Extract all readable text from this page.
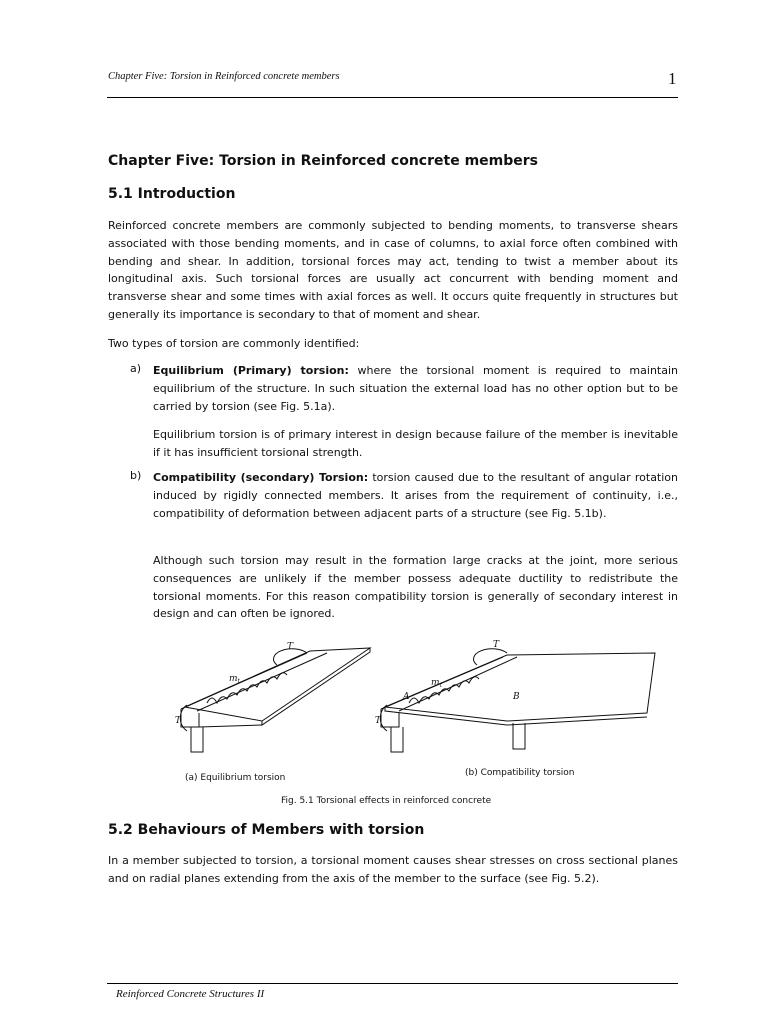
Chapter Five: Torsion in Reinforced concrete members	1
Chapter Five: Torsion in Reinforced concrete members
5.1 Introduction
Reinforced concrete members are commonly subjected to bending moments, to transverse shears associated with those bending moments, and in case of columns, to axial force often combined with bending and shear. In addition, torsional forces may act, tending to twist a member about its longitudinal axis. Such torsional forces are usually act concurrent with bending moment and transverse shear and some times with axial forces as well. It occurs quite frequently in structures but generally its importance is secondary to that of moment and shear.
Two types of torsion are commonly identified:
a) Equilibrium (Primary) torsion: where the torsional moment is required to maintain equilibrium of the structure. In such situation the external load has no other option but to be carried by torsion (see Fig. 5.1a).
Equilibrium torsion is of primary interest in design because failure of the member is inevitable if it has insufficient torsional strength.
b) Compatibility (secondary) Torsion: torsion caused due to the resultant of angular rotation induced by rigidly connected members. It arises from the requirement of continuity, i.e., compatibility of deformation between adjacent parts of a structure (see Fig. 5.1b).
Although such torsion may result in the formation large cracks at the joint, more serious consequences are unlikely if the member possess adequate ductility to redistribute the torsional moments. For this reason compatibility torsion is generally of secondary interest in design and can often be ignored.
T
$m_t$
T
T
$m_t$
A	B
T
(a) Equilibrium torsion	(b) Compatibility torsion
Fig. 5.1 Torsional effects in reinforced concrete
5.2 Behaviours of Members with torsion
In a member subjected to torsion, a torsional moment causes shear stresses on cross sectional planes and on radial planes extending from the axis of the member to the surface (see Fig. 5.2).
Reinforced Concrete Structures II
